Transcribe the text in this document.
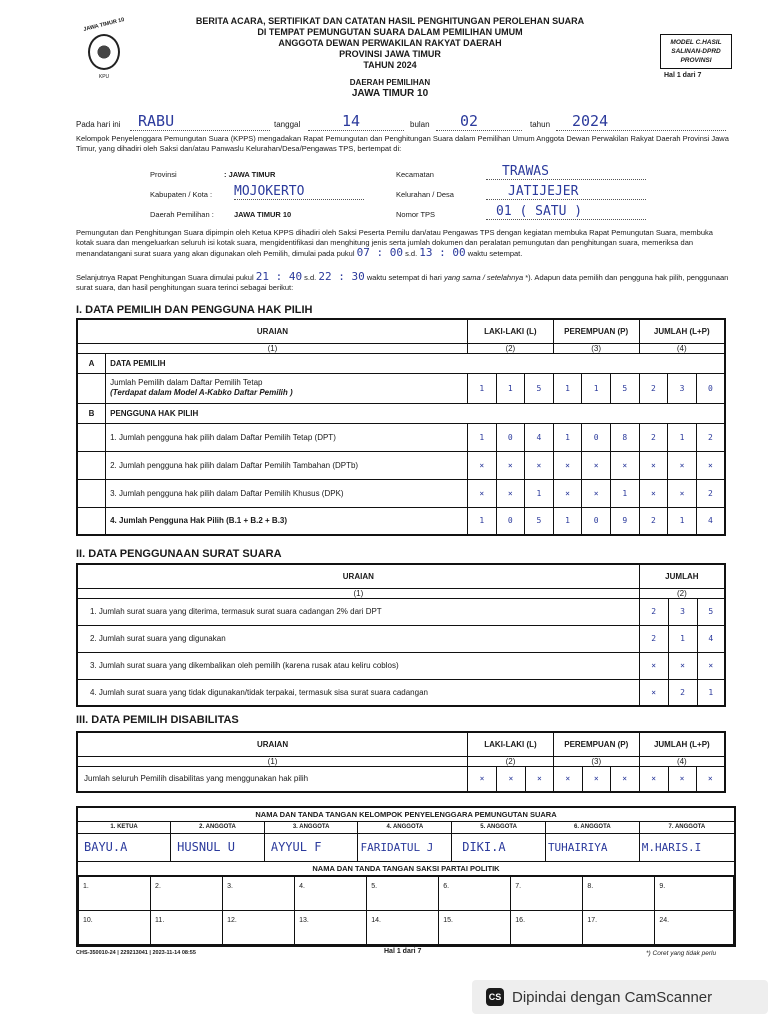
JAWA TIMUR 10
KPU
BERITA ACARA, SERTIFIKAT DAN CATATAN HASIL PENGHITUNGAN PEROLEHAN SUARA
DI TEMPAT PEMUNGUTAN SUARA DALAM PEMILIHAN UMUM
ANGGOTA DEWAN PERWAKILAN RAKYAT DAERAH
PROVINSI JAWA TIMUR
TAHUN 2024
DAERAH PEMILIHAN
JAWA TIMUR 10
MODEL C.HASIL SALINAN-DPRD PROVINSI
Hal 1 dari 7
Pada hari ini	RABU	tanggal	14	bulan	02	tahun	2024
Kelompok Penyelenggara Pemungutan Suara (KPPS) mengadakan Rapat Pemungutan dan Penghitungan Suara dalam Pemilihan Umum Anggota Dewan Perwakilan Rakyat Daerah Provinsi Jawa Timur, yang dihadiri oleh Saksi dan/atau Panwaslu Kelurahan/Desa/Pengawas TPS, bertempat di:
Provinsi	: JAWA TIMUR
Kabupaten / Kota : MOJOKERTO
Daerah Pemilihan :	JAWA TIMUR 10
Kecamatan	TRAWAS
Kelurahan / Desa	JATIJEJER
Nomor TPS	01 ( SATU )
Pemungutan dan Penghitungan Suara dipimpin oleh Ketua KPPS dihadiri oleh Saksi Peserta Pemilu dan/atau Pengawas TPS dengan kegiatan membuka Rapat Pemungutan Suara, membuka kotak suara dan mengeluarkan seluruh isi kotak suara, mengidentifikasi dan menghitung jenis serta jumlah dokumen dan peralatan pemungutan dan penghitungan suara, memeriksa dan menandatangani surat suara yang akan digunakan oleh Pemilih, dimulai pada pukul 07 : 00 s.d. 13 : 00 waktu setempat.
Selanjutnya Rapat Penghitungan Suara dimulai pukul 21 : 40 s.d. 22 : 30 waktu setempat di hari yang sama / setelahnya *). Adapun data pemilih dan pengguna hak pilih, penggunaan surat suara, dan hasil penghitungan suara terinci sebagai berikut:
I. DATA PEMILIH DAN PENGGUNA HAK PILIH
URAIAN		LAKI-LAKI (L)			PEREMPUAN (P)			JUMLAH (L+P)		
(1)		(2)			(3)			(4)		
A	DATA PEMILIH									

	Jumlah Pemilih dalam Daftar Pemilih Tetap
(Terdapat dalam Model A-Kabko Daftar Pemilih )	1	1	5	1	1	5	2	3	0
B	PENGGUNA HAK PILIH									
	1. Jumlah pengguna hak pilih dalam Daftar Pemilih Tetap (DPT)	1	0	4	1	0	8	2	1	2
	2. Jumlah pengguna hak pilih dalam Daftar Pemilih Tambahan (DPTb)	×	×	×	×	×	×	×	×	×
	3. Jumlah pengguna hak pilih dalam Daftar Pemilih Khusus (DPK)	×	×	1	×	×	1	×	×	2
	4. Jumlah Pengguna Hak Pilih (B.1 + B.2 + B.3)	1	0	5	1	0	9	2	1	4
II. DATA PENGGUNAAN SURAT SUARA
URAIAN	JUMLAH		
(1)	(2)		
1. Jumlah surat suara yang diterima, termasuk surat suara cadangan 2% dari DPT	2	3	5
2. Jumlah surat suara yang digunakan	2	1	4
3. Jumlah surat suara yang dikembalikan oleh pemilih (karena rusak atau keliru coblos)	×	×	×
4. Jumlah surat suara yang tidak digunakan/tidak terpakai, termasuk sisa surat suara cadangan	×	2	1
III. DATA PEMILIH DISABILITAS
URAIAN	LAKI-LAKI (L)			PEREMPUAN (P)			JUMLAH (L+P)		
(1)	(2)			(3)			(4)		
Jumlah seluruh Pemilih disabilitas yang menggunakan hak pilih	×	×	×	×	×	×	×	×	×
NAMA DAN TANDA TANGAN KELOMPOK PENYELENGGARA PEMUNGUTAN SUARA
1. KETUA	2. ANGGOTA	3. ANGGOTA	4. ANGGOTA	5. ANGGOTA	6. ANGGOTA	7. ANGGOTA
BAYU.A	HUSNUL U	AYYUL F	FARIDATUL J	DIKI.A	TUHAIRIYA	M.HARIS.I
NAMA DAN TANDA TANGAN SAKSI PARTAI POLITIK

1.	2.	3.	4.	5.	6.	7.	8.	9.
10.	11.	12.	13.	14.	15.	16.	17.	24.
CHS-350010-24 | 229213041 | 2023-11-14 08:55	Hal 1 dari 7	*) Coret yang tidak perlu
CS Dipindai dengan CamScanner
